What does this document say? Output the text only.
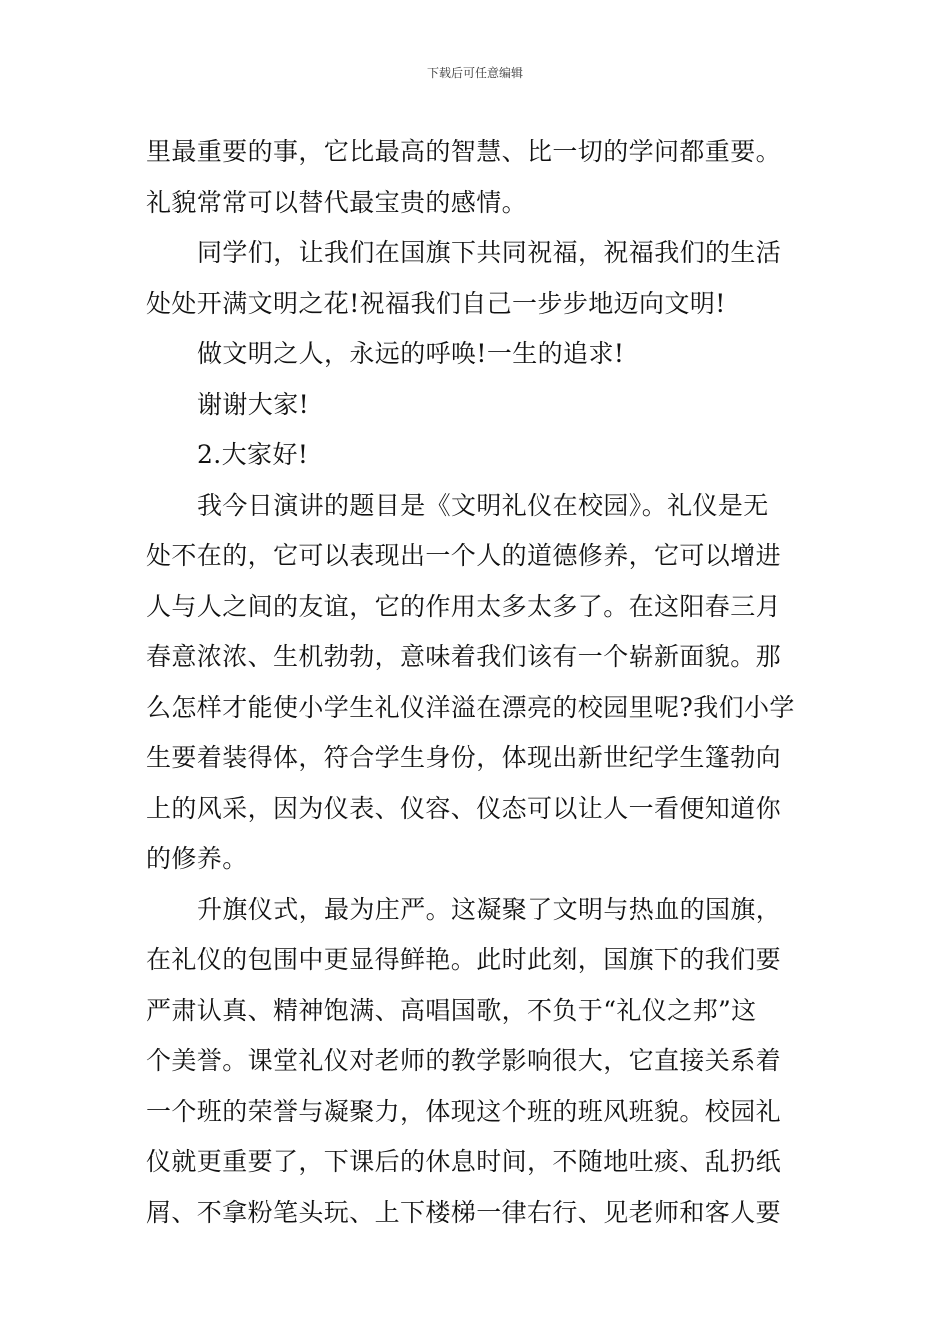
下载后可任意编辑
里最重要的事，它比最高的智慧、比一切的学问都重要。
礼貌常常可以替代最宝贵的感情。
同学们，让我们在国旗下共同祝福，祝福我们的生活
处处开满文明之花!祝福我们自己一步步地迈向文明!
做文明之人，永远的呼唤!一生的追求!
谢谢大家!
2.大家好!
我今日演讲的题目是《文明礼仪在校园》。礼仪是无
处不在的，它可以表现出一个人的道德修养，它可以增进
人与人之间的友谊，它的作用太多太多了。在这阳春三月
春意浓浓、生机勃勃，意味着我们该有一个崭新面貌。那
么怎样才能使小学生礼仪洋溢在漂亮的校园里呢?我们小学
生要着装得体，符合学生身份，体现出新世纪学生篷勃向
上的风采，因为仪表、仪容、仪态可以让人一看便知道你
的修养。
升旗仪式，最为庄严。这凝聚了文明与热血的国旗，
在礼仪的包围中更显得鲜艳。此时此刻，国旗下的我们要
严肃认真、精神饱满、高唱国歌，不负于“礼仪之邦”这
个美誉。课堂礼仪对老师的教学影响很大，它直接关系着
一个班的荣誉与凝聚力，体现这个班的班风班貌。校园礼
仪就更重要了，下课后的休息时间，不随地吐痰、乱扔纸
屑、不拿粉笔头玩、上下楼梯一律右行、见老师和客人要
